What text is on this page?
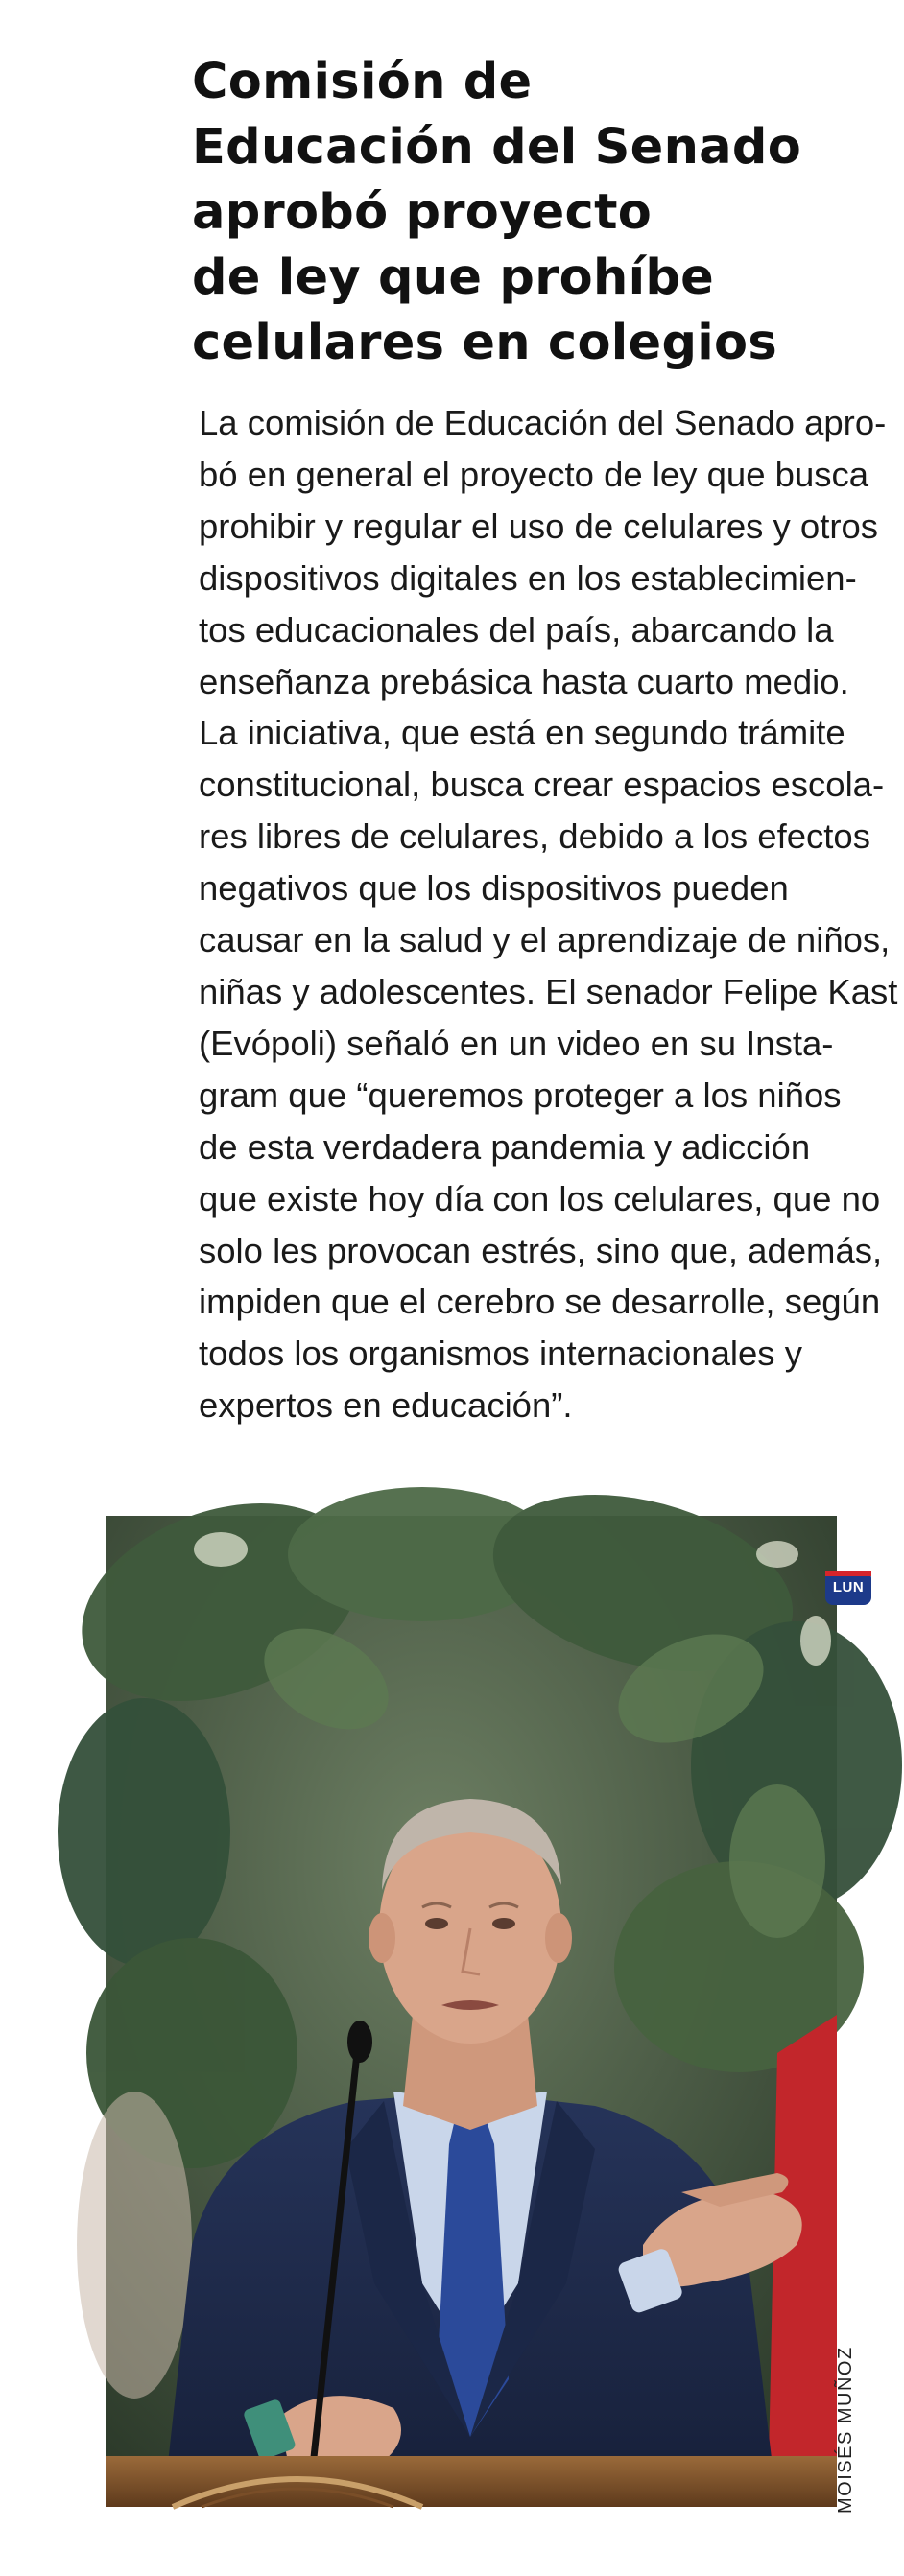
Comisión de
Educación del Senado
aprobó proyecto
de ley que prohíbe
celulares en colegios

La comisión de Educación del Senado apro-
bó en general el proyecto de ley que busca
prohibir y regular el uso de celulares y otros
dispositivos digitales en los establecimien-
tos educacionales del país, abarcando la
enseñanza prebásica hasta cuarto medio.
La iniciativa, que está en segundo trámite
constitucional, busca crear espacios escola-
res libres de celulares, debido a los efectos
negativos que los dispositivos pueden
causar en la salud y el aprendizaje de niños,
niñas y adolescentes. El senador Felipe Kast
(Evópoli) señaló en un video en su Insta-
gram que “queremos proteger a los niños
de esta verdadera pandemia y adicción
que existe hoy día con los celulares, que no
solo les provocan estrés, sino que, además,
impiden que el cerebro se desarrolle, según
todos los organismos internacionales y
expertos en educación”.

LUN
MOISÉS MUÑOZ
